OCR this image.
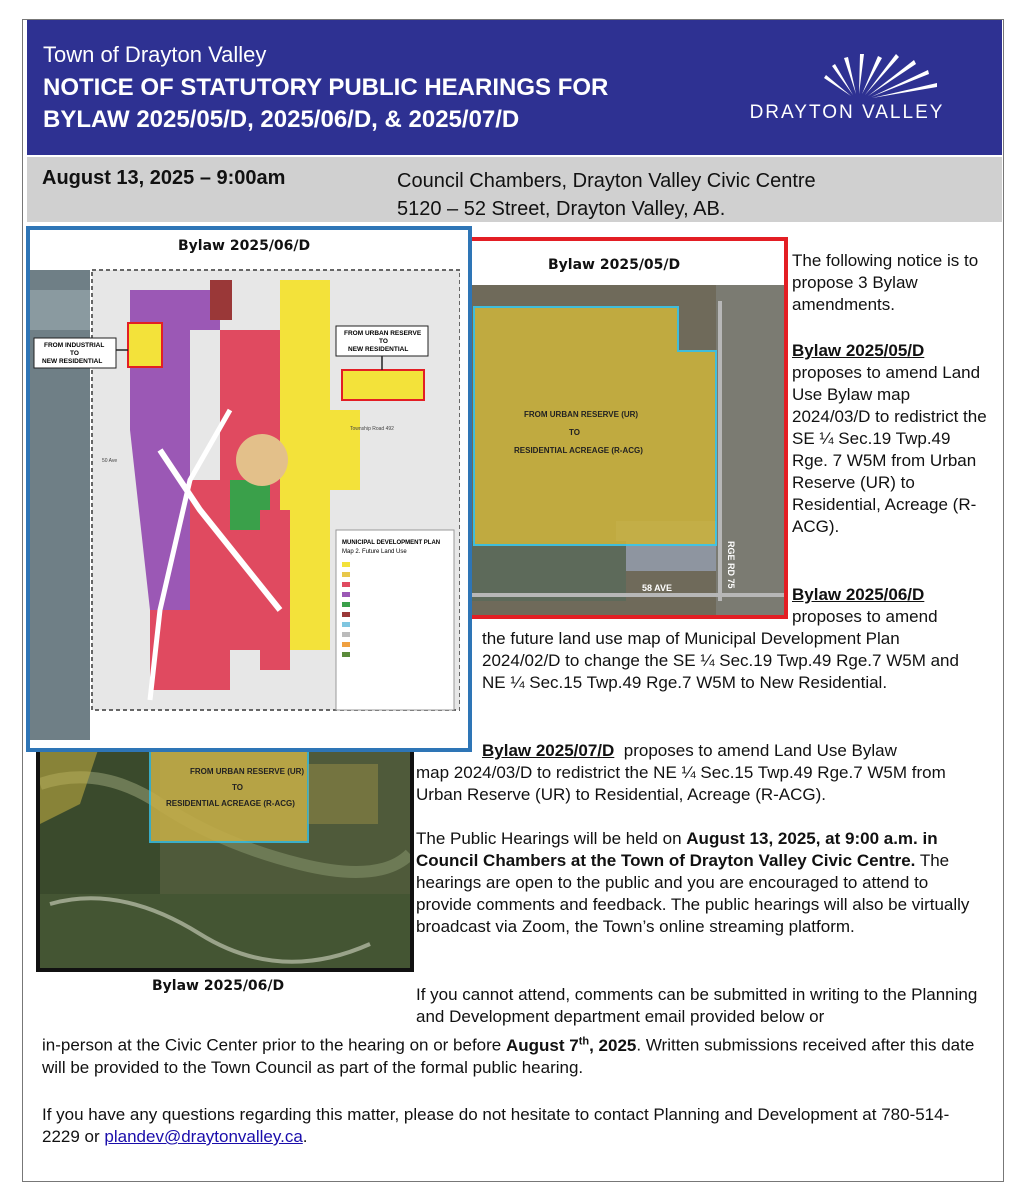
Town of Drayton Valley
NOTICE OF STATUTORY PUBLIC HEARINGS FOR
BYLAW 2025/05/D, 2025/06/D, & 2025/07/D	DRAYTON VALLEY
August 13, 2025 – 9:00am	Council Chambers, Drayton Valley Civic Centre
5120 – 52 Street, Drayton Valley, AB.
FROM URBAN RESERVE (UR)
TO
RESIDENTIAL ACREAGE (R-ACG)
FROM URBAN RESERVE (UR)
TO
RESIDENTIAL ACREAGE (R-ACG)
RGE RD 75
58 AVE
FROM INDUSTRIAL
TO
NEW RESIDENTIAL
FROM URBAN RESERVE
TO
NEW RESIDENTIAL
Township Road 492
50 Ave
MUNICIPAL DEVELOPMENT PLAN
Map 2. Future Land Use
Bylaw 2025/06/D
Bylaw 2025/05/D
Bylaw 2025/06/D
The following notice is to propose 3 Bylaw amendments.
Bylaw 2025/05/D proposes to amend Land Use Bylaw map 2024/03/D to redistrict the SE ¼ Sec.19 Twp.49 Rge. 7 W5M from Urban Reserve (UR) to Residential, Acreage (R-ACG).
Bylaw 2025/06/D proposes to amend
the future land use map of Municipal Development Plan 2024/02/D to change the SE ¼ Sec.19 Twp.49 Rge.7 W5M and NE ¼ Sec.15 Twp.49 Rge.7 W5M to New Residential.
Bylaw 2025/07/D proposes to amend Land Use Bylaw
map 2024/03/D to redistrict the NE ¼ Sec.15 Twp.49 Rge.7 W5M from Urban Reserve (UR) to Residential, Acreage (R-ACG).
The Public Hearings will be held on August 13, 2025, at 9:00 a.m. in Council Chambers at the Town of Drayton Valley Civic Centre. The hearings are open to the public and you are encouraged to attend to provide comments and feedback. The public hearings will also be virtually broadcast via Zoom, the Town’s online streaming platform.
If you cannot attend, comments can be submitted in writing to the Planning and Development department email provided below or
in-person at the Civic Center prior to the hearing on or before August 7th, 2025. Written submissions received after this date will be provided to the Town Council as part of the formal public hearing.
If you have any questions regarding this matter, please do not hesitate to contact Planning and Development at 780-514-2229 or plandev@draytonvalley.ca.
